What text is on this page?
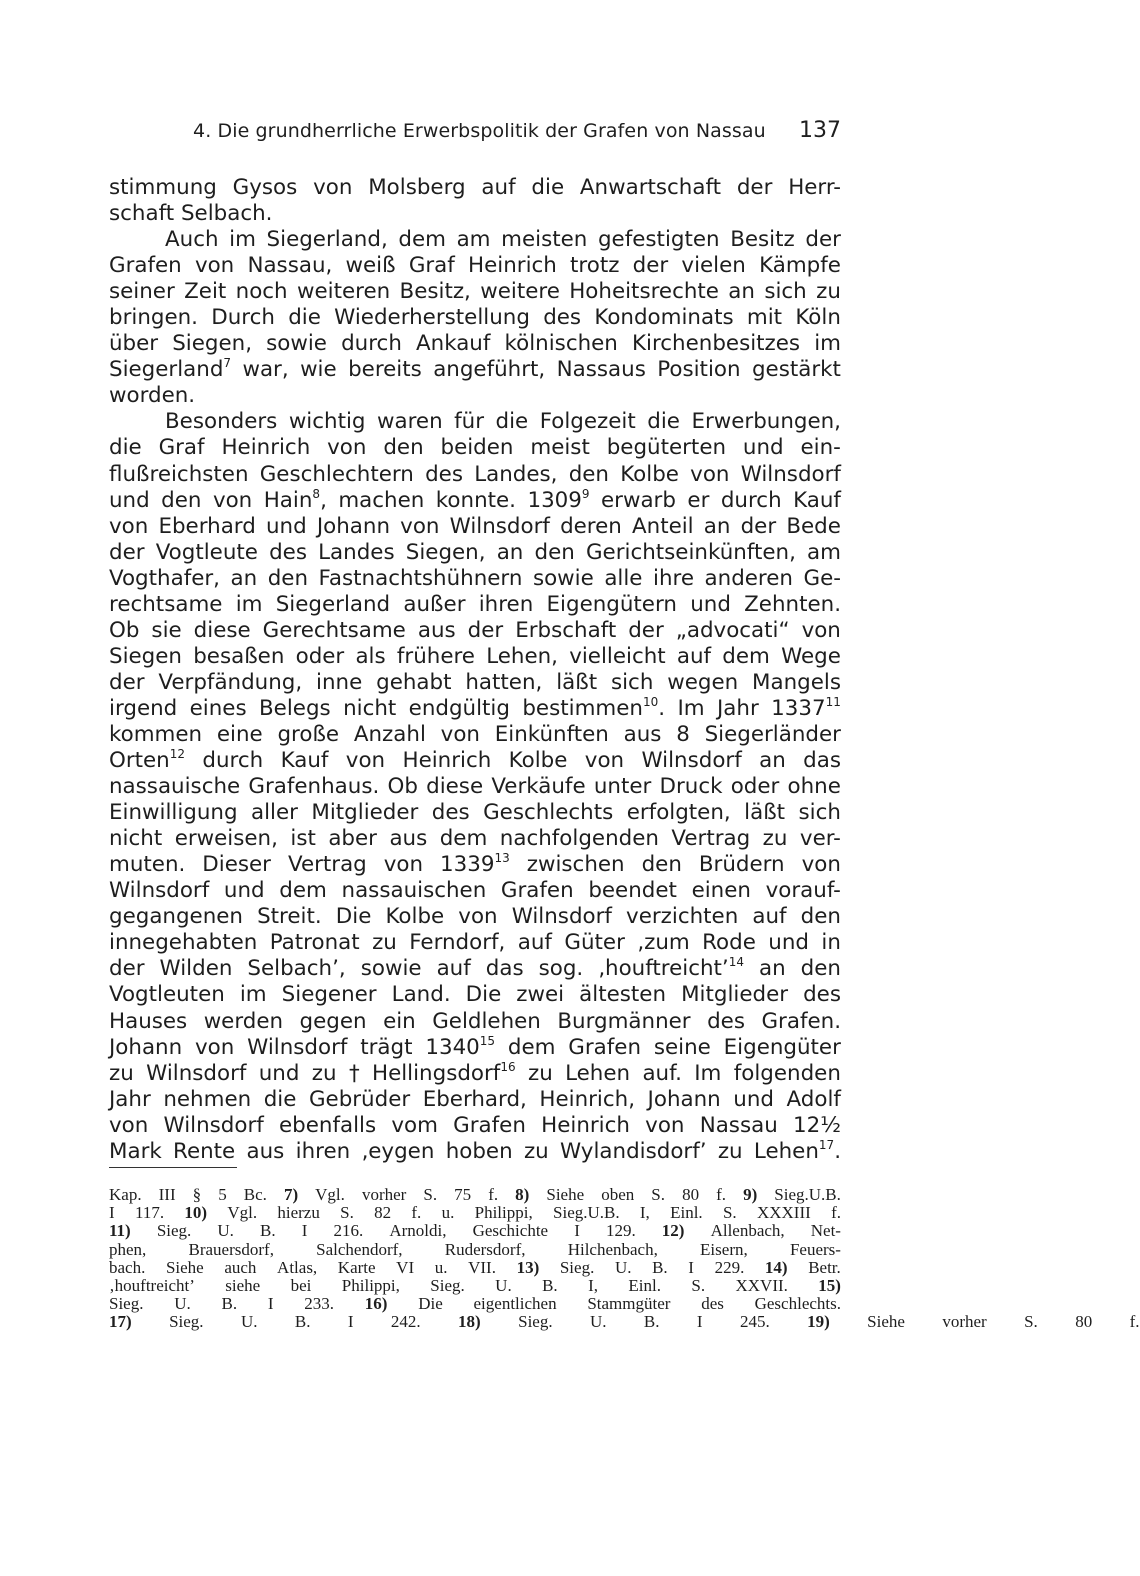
4. Die grundherrliche Erwerbspolitik der Grafen von Nassau 137
stimmung Gysos von Molsberg auf die Anwartschaft der Herr-
schaft Selbach.
Auch im Siegerland, dem am meisten gefestigten Besitz der
Grafen von Nassau, weiß Graf Heinrich trotz der vielen Kämpfe
seiner Zeit noch weiteren Besitz, weitere Hoheitsrechte an sich zu
bringen. Durch die Wiederherstellung des Kondominats mit Köln
über Siegen, sowie durch Ankauf kölnischen Kirchenbesitzes im
Siegerland$^7$ war, wie bereits angeführt, Nassaus Position gestärkt
worden.
Besonders wichtig waren für die Folgezeit die Erwerbungen,
die Graf Heinrich von den beiden meist begüterten und ein-
flußreichsten Geschlechtern des Landes, den Kolbe von Wilnsdorf
und den von Hain$^8$, machen konnte. 1309$^9$ erwarb er durch Kauf
von Eberhard und Johann von Wilnsdorf deren Anteil an der Bede
der Vogtleute des Landes Siegen, an den Gerichtseinkünften, am
Vogthafer, an den Fastnachtshühnern sowie alle ihre anderen Ge-
rechtsame im Siegerland außer ihren Eigengütern und Zehnten.
Ob sie diese Gerechtsame aus der Erbschaft der „advocati“ von
Siegen besaßen oder als frühere Lehen, vielleicht auf dem Wege
der Verpfändung, inne gehabt hatten, läßt sich wegen Mangels
irgend eines Belegs nicht endgültig bestimmen$^{10}$. Im Jahr 1337$^{11}$
kommen eine große Anzahl von Einkünften aus 8 Siegerländer
Orten$^{12}$ durch Kauf von Heinrich Kolbe von Wilnsdorf an das
nassauische Grafenhaus. Ob diese Verkäufe unter Druck oder ohne
Einwilligung aller Mitglieder des Geschlechts erfolgten, läßt sich
nicht erweisen, ist aber aus dem nachfolgenden Vertrag zu ver-
muten. Dieser Vertrag von 1339$^{13}$ zwischen den Brüdern von
Wilnsdorf und dem nassauischen Grafen beendet einen vorauf-
gegangenen Streit. Die Kolbe von Wilnsdorf verzichten auf den
innegehabten Patronat zu Ferndorf, auf Güter ‚zum Rode und in
der Wilden Selbach’, sowie auf das sog. ‚houftreicht’$^{14}$ an den
Vogtleuten im Siegener Land. Die zwei ältesten Mitglieder des
Hauses werden gegen ein Geldlehen Burgmänner des Grafen.
Johann von Wilnsdorf trägt 1340$^{15}$ dem Grafen seine Eigengüter
zu Wilnsdorf und zu † Hellingsdorf$^{16}$ zu Lehen auf. Im folgenden
Jahr nehmen die Gebrüder Eberhard, Heinrich, Johann und Adolf
von Wilnsdorf ebenfalls vom Grafen Heinrich von Nassau 12½
Mark Rente aus ihren ‚eygen hoben zu Wylandisdorf’ zu Lehen$^{17}$.
Kap. III § 5 Bc. 7) Vgl. vorher S. 75 f. 8) Siehe oben S. 80 f. 9) Sieg.U.B.
I 117. 10) Vgl. hierzu S. 82 f. u. Philippi, Sieg.U.B. I, Einl. S. XXXIII f.
11) Sieg. U. B. I 216. Arnoldi, Geschichte I 129. 12) Allenbach, Net-
phen, Brauersdorf, Salchendorf, Rudersdorf, Hilchenbach, Eisern, Feuers-
bach. Siehe auch Atlas, Karte VI u. VII. 13) Sieg. U. B. I 229. 14) Betr.
‚houftreicht’ siehe bei Philippi, Sieg. U. B. I, Einl. S. XXVII. 15)
Sieg. U. B. I 233. 16) Die eigentlichen Stammgüter des Geschlechts.
17) Sieg. U. B. I 242. 18) Sieg. U. B. I 245. 19) Siehe vorher S. 80 f.
